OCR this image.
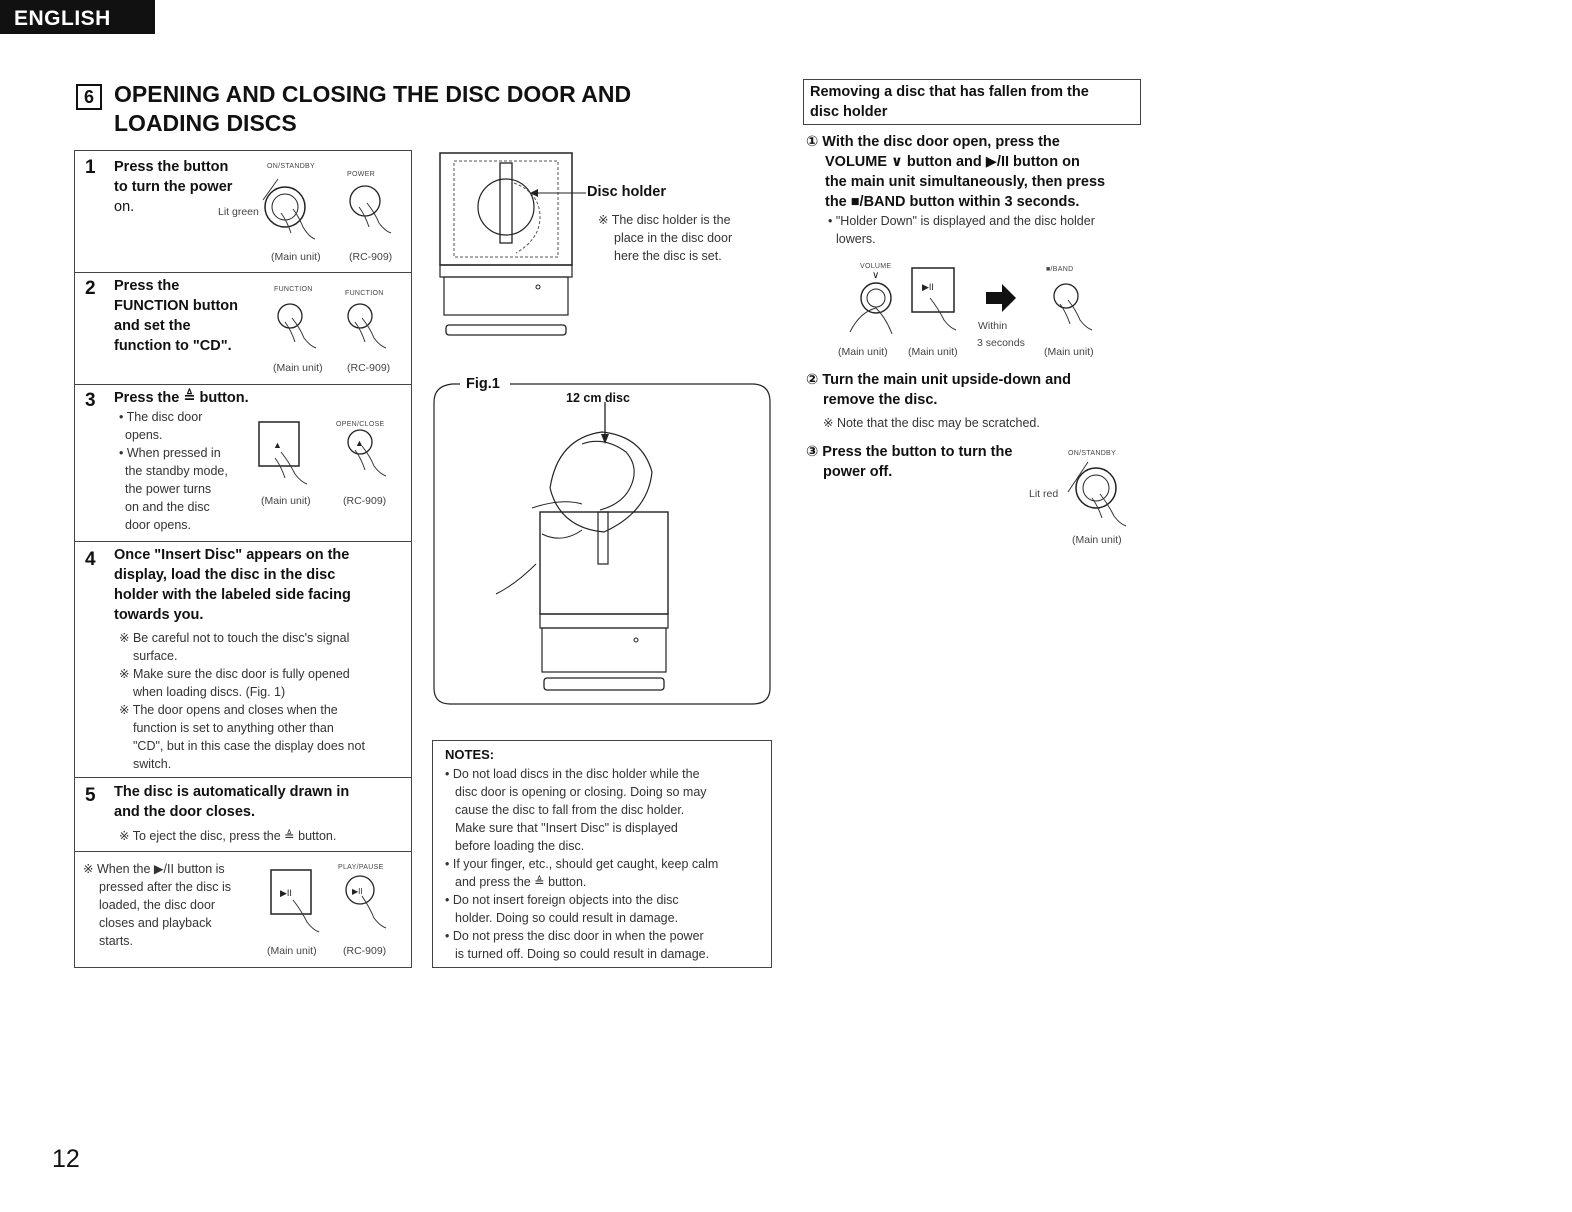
ENGLISH
6 OPENING AND CLOSING THE DISC DOOR AND
LOADING DISCS
1 Press the button
to turn the power
on.
ON/STANDBY
POWER
Lit green
(Main unit)	(RC-909)
2 Press the
FUNCTION button
and set the
function to "CD".
FUNCTION
FUNCTION
(Main unit) (RC-909)
3 Press the ≜ button.
• The disc door
opens.
• When pressed in
the standby mode,
the power turns
on and the disc
door opens.
OPEN/CLOSE
▲	▲
(Main unit)	(RC-909)
4 Once "Insert Disc" appears on the
display, load the disc in the disc
holder with the labeled side facing
towards you.
※ Be careful not to touch the disc's signal
surface.
※ Make sure the disc door is fully opened
when loading discs. (Fig. 1)
※ The door opens and closes when the
function is set to anything other than
"CD", but in this case the display does not
switch.
5 The disc is automatically drawn in
and the door closes.
※ To eject the disc, press the ≜ button.
※ When the ▶/II button is
pressed after the disc is
loaded, the disc door
closes and playback
starts.
PLAY/PAUSE
▶II	▶II
(Main unit)	(RC-909)
Disc holder
※ The disc holder is the
place in the disc door
here the disc is set.
Fig.1
12 cm disc
NOTES:
• Do not load discs in the disc holder while the
disc door is opening or closing. Doing so may
cause the disc to fall from the disc holder.
Make sure that "Insert Disc" is displayed
before loading the disc.
• If your finger, etc., should get caught, keep calm
and press the ≜ button.
• Do not insert foreign objects into the disc
holder. Doing so could result in damage.
• Do not press the disc door in when the power
is turned off. Doing so could result in damage.
Removing a disc that has fallen from the
disc holder
① With the disc door open, press the
VOLUME ∨ button and ▶/II button on
the main unit simultaneously, then press
the ■/BAND button within 3 seconds.
• "Holder Down" is displayed and the disc holder
lowers.
VOLUME	■/BAND
∨
▶II
Within
3 seconds
(Main unit) (Main unit)	(Main unit)
② Turn the main unit upside-down and
remove the disc.
※ Note that the disc may be scratched.
③ Press the button to turn the
power off.
ON/STANDBY
Lit red
(Main unit)
12
